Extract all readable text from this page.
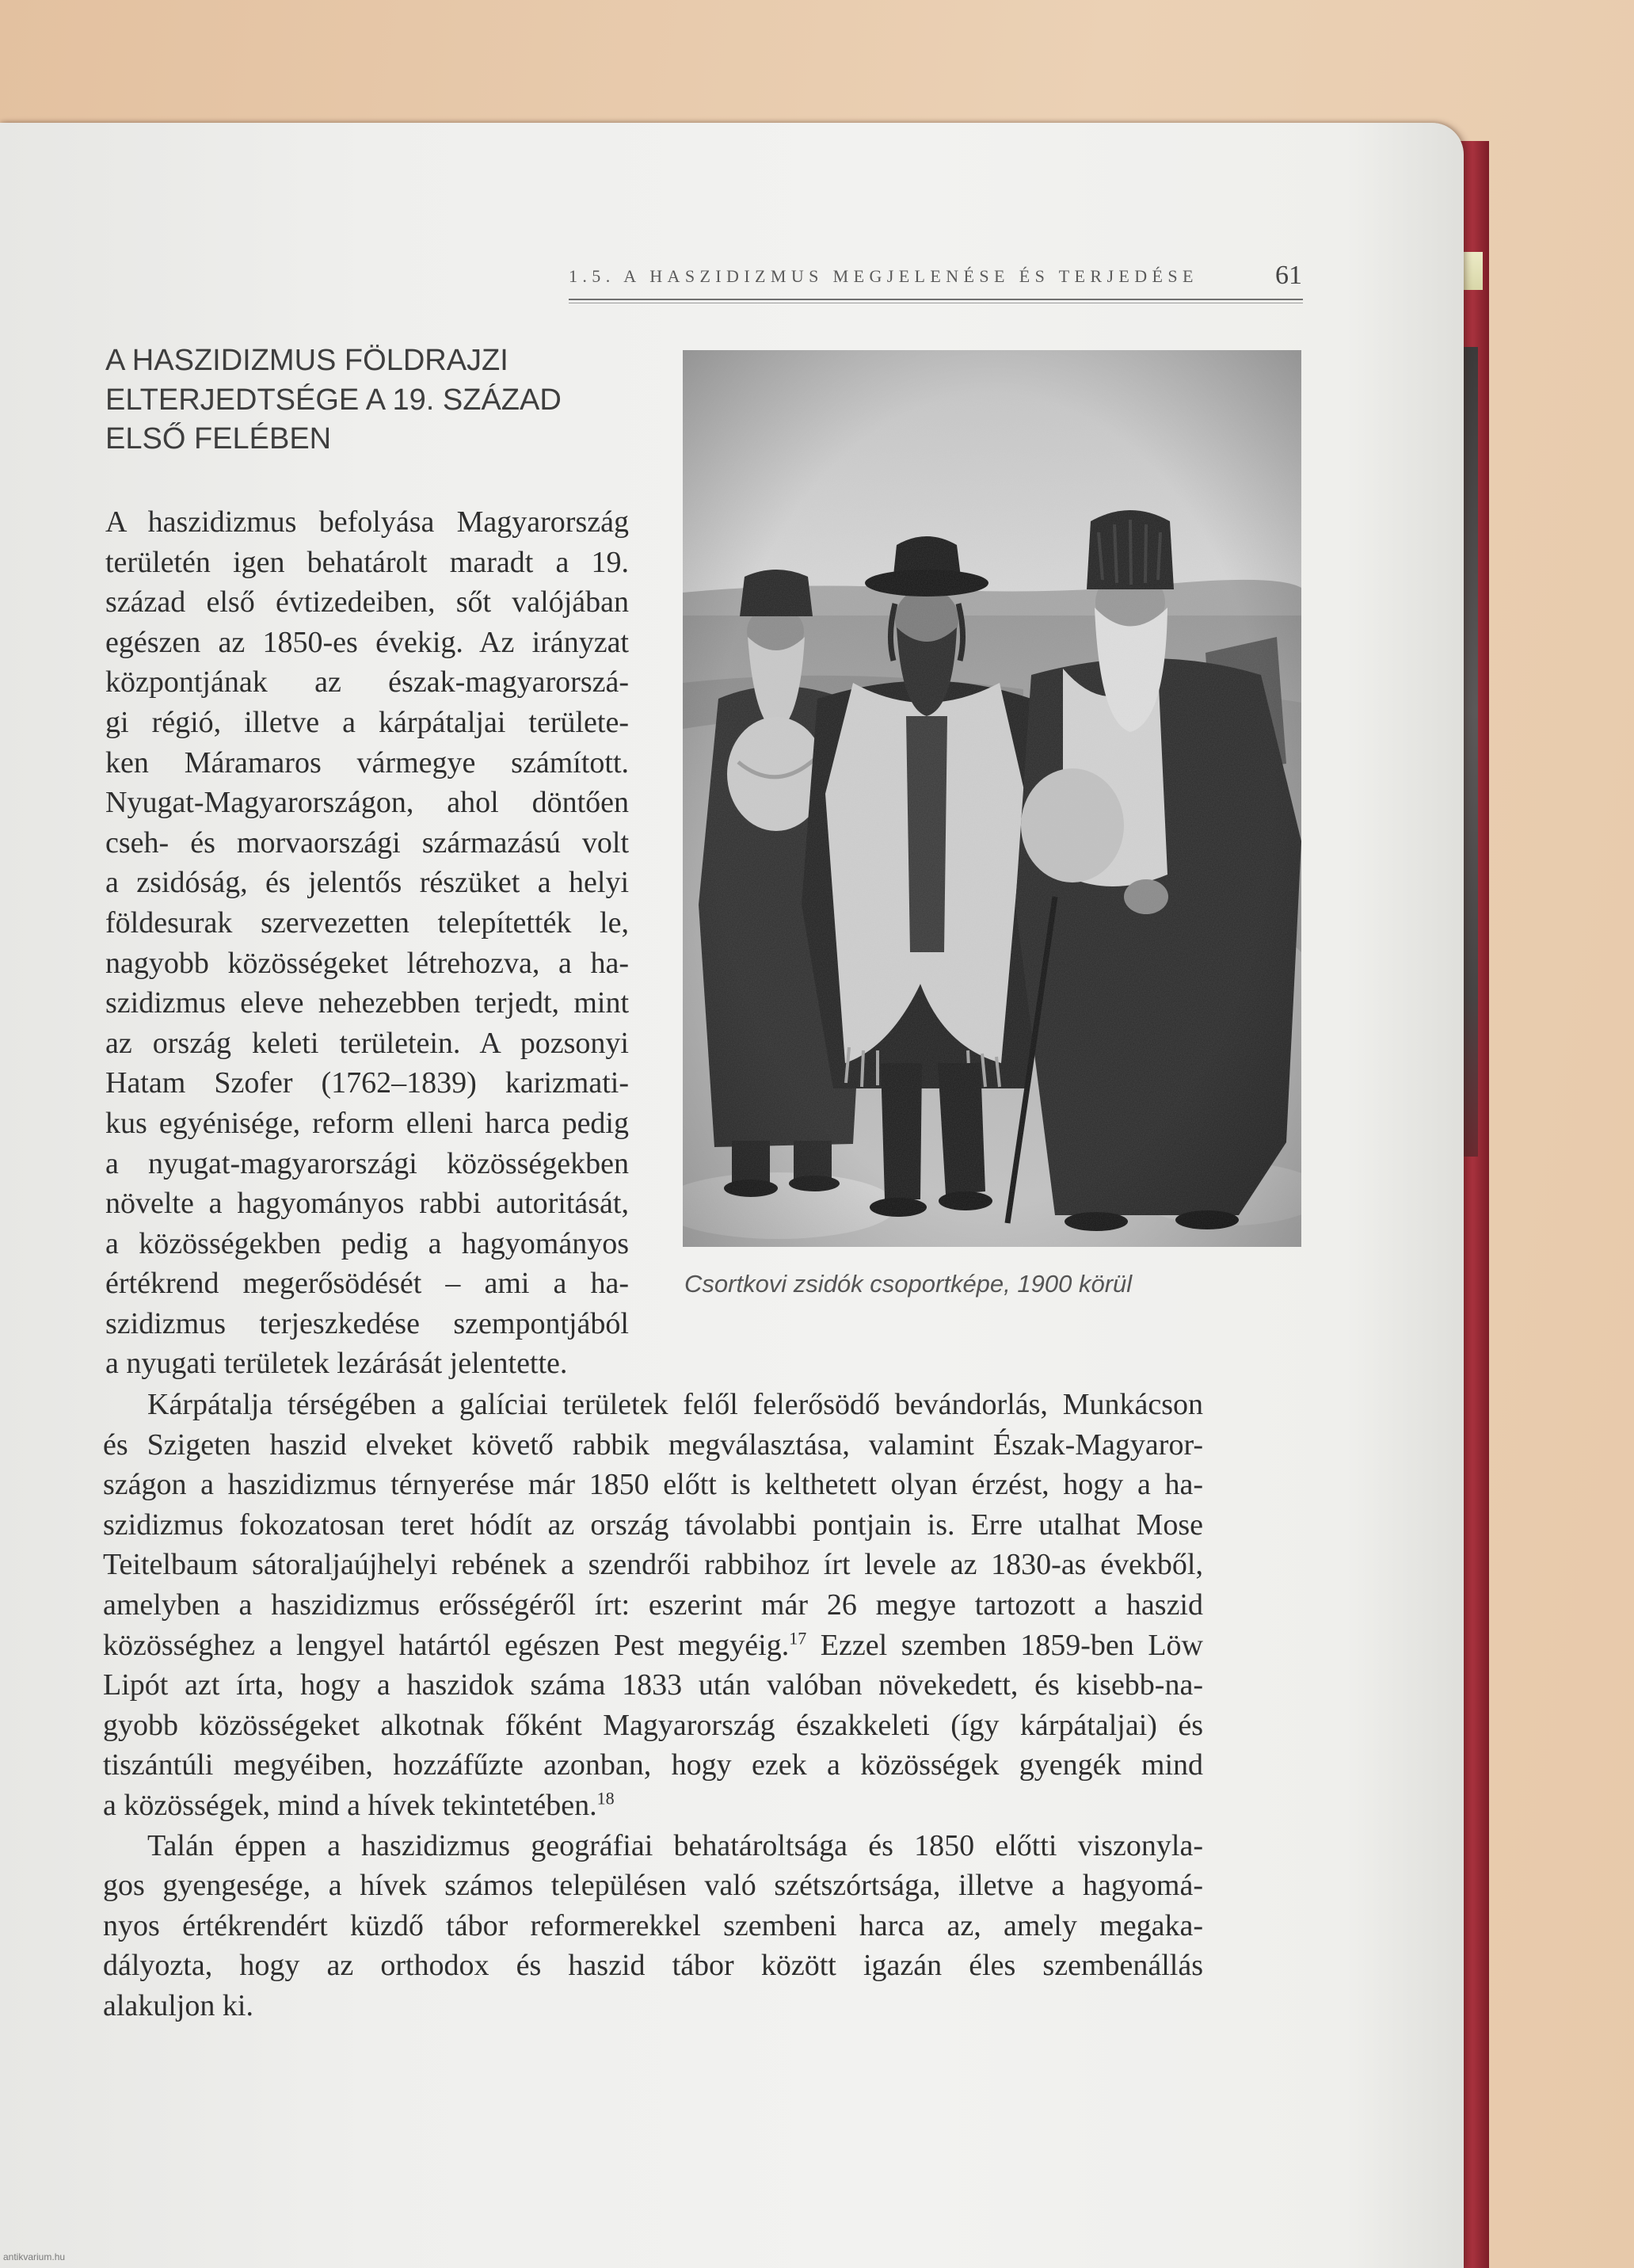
1.5. A HASZIDIZMUS MEGJELENÉSE ÉS TERJEDÉSE	61
A HASZIDIZMUS FÖLDRAJZI
ELTERJEDTSÉGE A 19. SZÁZAD
ELSŐ FELÉBEN
A haszidizmus befolyása Magyarország
területén igen behatárolt maradt a 19.
század első évtizedeiben, sőt valójában
egészen az 1850-es évekig. Az irányzat
központjának az észak-magyarorszá-
gi régió, illetve a kárpátaljai területe-
ken Máramaros vármegye számított.
Nyugat-Magyarországon, ahol döntően
cseh- és morvaországi származású volt
a zsidóság, és jelentős részüket a helyi
földesurak szervezetten telepítették le,
nagyobb közösségeket létrehozva, a ha-
szidizmus eleve nehezebben terjedt, mint
az ország keleti területein. A pozsonyi
Hatam Szofer (1762–1839) karizmati-
kus egyénisége, reform elleni harca pedig
a nyugat-magyarországi közösségekben
növelte a hagyományos rabbi autoritását,
a közösségekben pedig a hagyományos
értékrend megerősödését – ami a ha-
szidizmus terjeszkedése szempontjából
a nyugati területek lezárását jelentette.
Csortkovi zsidók csoportképe, 1900 körül
Kárpátalja térségében a galíciai területek felől felerősödő bevándorlás, Munkácson
és Szigeten haszid elveket követő rabbik megválasztása, valamint Észak-Magyaror-
szágon a haszidizmus térnyerése már 1850 előtt is kelthetett olyan érzést, hogy a ha-
szidizmus fokozatosan teret hódít az ország távolabbi pontjain is. Erre utalhat Mose
Teitelbaum sátoraljaújhelyi rebének a szendrői rabbihoz írt levele az 1830-as évekből,
amelyben a haszidizmus erősségéről írt: eszerint már 26 megye tartozott a haszid
közösséghez a lengyel határtól egészen Pest megyéig.$^{17}$ Ezzel szemben 1859-ben Löw
Lipót azt írta, hogy a haszidok száma 1833 után valóban növekedett, és kisebb-na-
gyobb közösségeket alkotnak főként Magyarország északkeleti (így kárpátaljai) és
tiszántúli megyéiben, hozzáfűzte azonban, hogy ezek a közösségek gyengék mind
a közösségek, mind a hívek tekintetében.$^{18}$
Talán éppen a haszidizmus geográfiai behatároltsága és 1850 előtti viszonyla-
gos gyengesége, a hívek számos településen való szétszórtsága, illetve a hagyomá-
nyos értékrendért küzdő tábor reformerekkel szembeni harca az, amely megaka-
dályozta, hogy az orthodox és haszid tábor között igazán éles szembenállás
alakuljon ki.
antikvarium.hu
